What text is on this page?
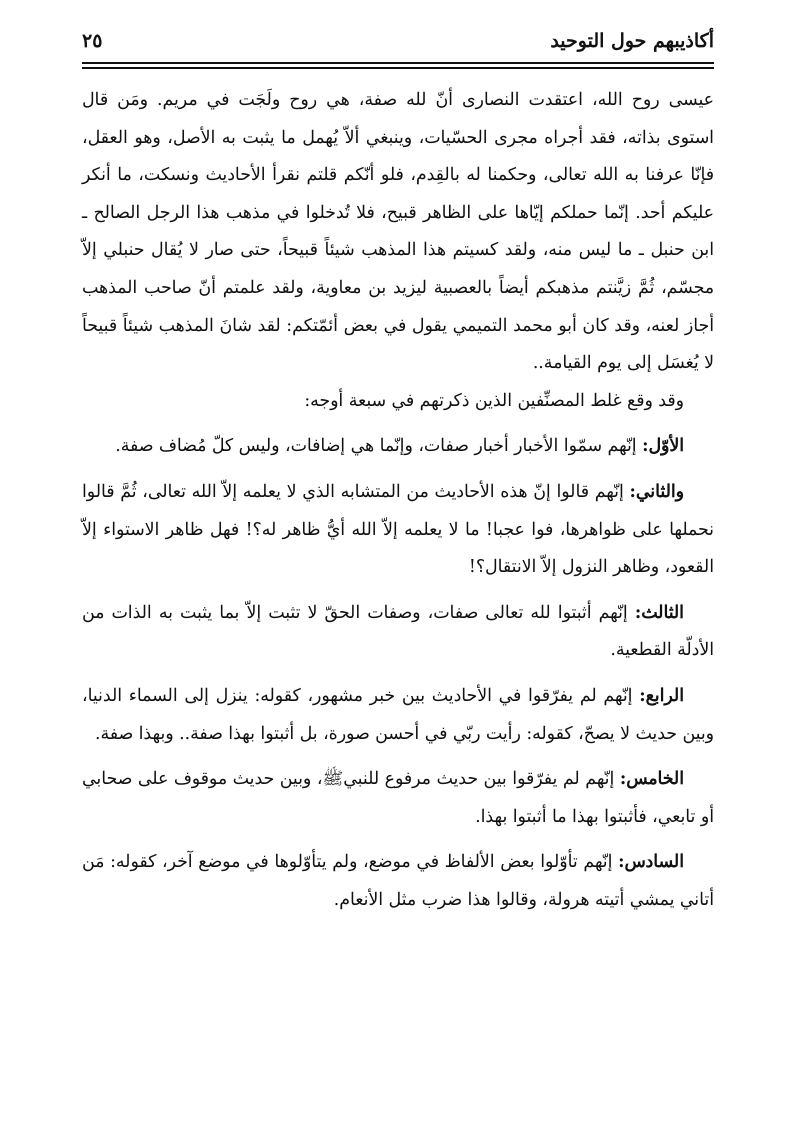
أكاذيبهم حول التوحيد
٢٥

عيسى روح الله، اعتقدت النصارى أنّ لله صفة، هي روح ولَجَت في مريم. ومَن قال استوى بذاته، فقد أجراه مجرى الحسّيات، وينبغي ألاّ يُهمل ما يثبت به الأصل، وهو العقل، فإنّا عرفنا به الله تعالى، وحكمنا له بالقِدم، فلو أنّكم قلتم نقرأ الأحاديث ونسكت، ما أنكر عليكم أحد. إنّما حملكم إيّاها على الظاهر قبيح، فلا تُدخلوا في مذهب هذا الرجل الصالح ـ ابن حنبل ـ ما ليس منه، ولقد كسيتم هذا المذهب شيئاً قبيحاً، حتى صار لا يُقال حنبلي إلاّ مجسّم، ثُمَّ زيَّنتم مذهبكم أيضاً بالعصبية ليزيد بن معاوية، ولقد علمتم أنّ صاحب المذهب أجاز لعنه، وقد كان أبو محمد التميمي يقول في بعض أئمّتكم: لقد شانَ المذهب شيئاً قبيحاً لا يُغسَل إلى يوم القيامة..

وقد وقع غلط المصنِّفين الذين ذكرتهم في سبعة أوجه:

الأوّل: إنّهم سمّوا الأخبار أخبار صفات، وإنّما هي إضافات، وليس كلّ مُضاف صفة.

والثاني: إنّهم قالوا إنّ هذه الأحاديث من المتشابه الذي لا يعلمه إلاّ الله تعالى، ثُمَّ قالوا نحملها على ظواهرها، فوا عجبا! ما لا يعلمه إلاّ الله أيُّ ظاهر له؟! فهل ظاهر الاستواء إلاّ القعود، وظاهر النزول إلاّ الانتقال؟!

الثالث: إنّهم أثبتوا لله تعالى صفات، وصفات الحقّ لا تثبت إلاّ بما يثبت به الذات من الأدلّة القطعية.

الرابع: إنّهم لم يفرّقوا في الأحاديث بين خبر مشهور، كقوله: ينزل إلى السماء الدنيا، وبين حديث لا يصحّ، كقوله: رأيت ربّي في أحسن صورة، بل أثبتوا بهذا صفة.. وبهذا صفة.

الخامس: إنّهم لم يفرّقوا بين حديث مرفوع للنبيﷺ، وبين حديث موقوف على صحابي أو تابعي، فأثبتوا بهذا ما أثبتوا بهذا.

السادس: إنّهم تأوّلوا بعض الألفاظ في موضع، ولم يتأوّلوها في موضع آخر، كقوله: مَن أتاني يمشي أتيته هرولة، وقالوا هذا ضرب مثل الأنعام.
